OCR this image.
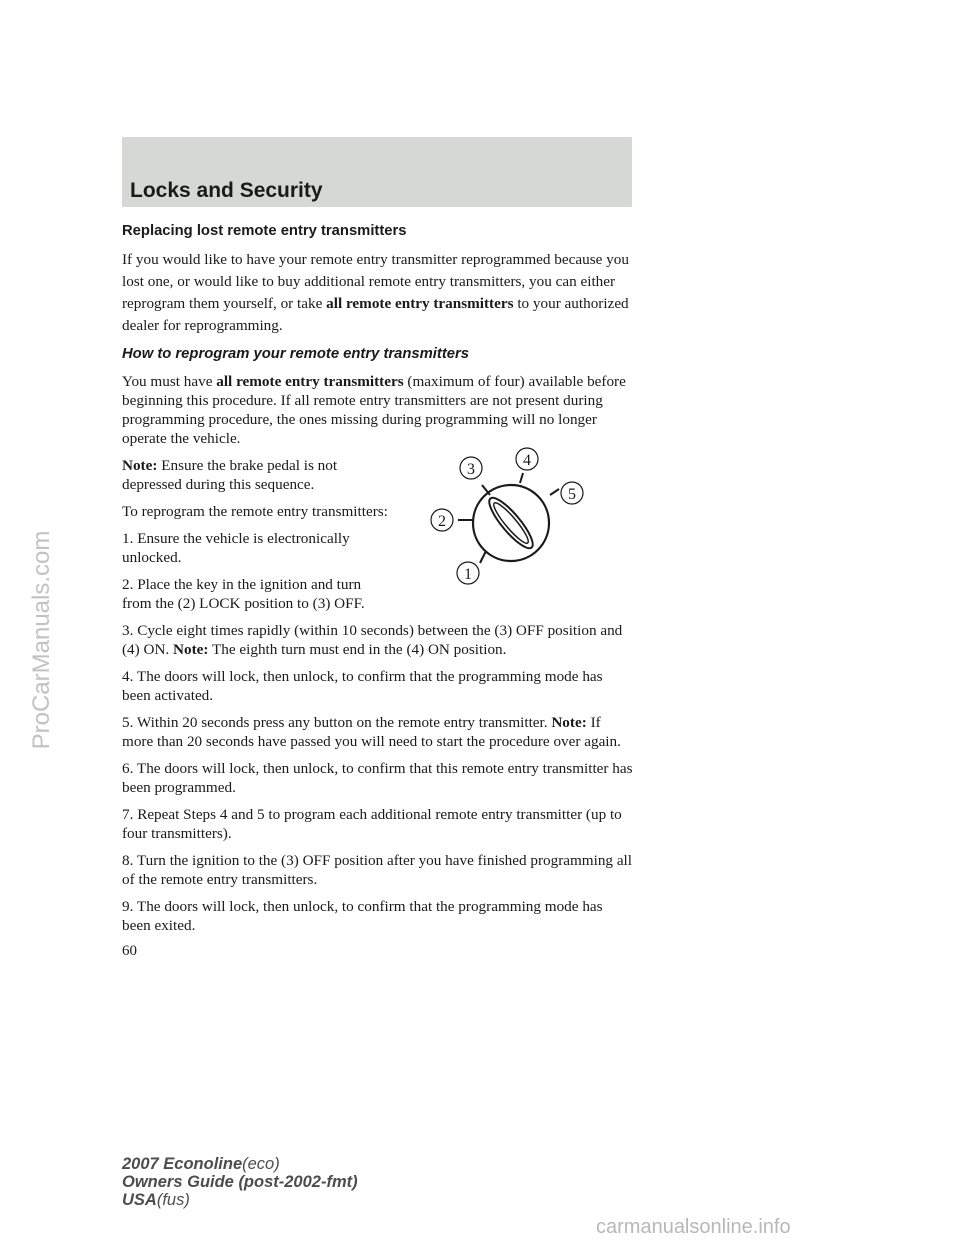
Locks and Security
Replacing lost remote entry transmitters

If you would like to have your remote entry transmitter reprogrammed because you lost one, or would like to buy additional remote entry transmitters, you can either reprogram them yourself, or take all remote entry transmitters to your authorized dealer for reprogramming.

How to reprogram your remote entry transmitters

You must have all remote entry transmitters (maximum of four) available before beginning this procedure. If all remote entry transmitters are not present during programming procedure, the ones missing during programming will no longer operate the vehicle.

Note: Ensure the brake pedal is not depressed during this sequence.

To reprogram the remote entry transmitters:

1. Ensure the vehicle is electronically unlocked.

2. Place the key in the ignition and turn from the (2) LOCK position to (3) OFF.

3. Cycle eight times rapidly (within 10 seconds) between the (3) OFF position and (4) ON. Note: The eighth turn must end in the (4) ON position.

4. The doors will lock, then unlock, to confirm that the programming mode has been activated.

5. Within 20 seconds press any button on the remote entry transmitter. Note: If more than 20 seconds have passed you will need to start the procedure over again.

6. The doors will lock, then unlock, to confirm that this remote entry transmitter has been programmed.

7. Repeat Steps 4 and 5 to program each additional remote entry transmitter (up to four transmitters).

8. Turn the ignition to the (3) OFF position after you have finished programming all of the remote entry transmitters.

9. The doors will lock, then unlock, to confirm that the programming mode has been exited.

1
2
3
4
5
60
2007 Econoline(eco)
Owners Guide (post-2002-fmt)
USA(fus)
ProCarManuals.com
carmanualsonline.info
